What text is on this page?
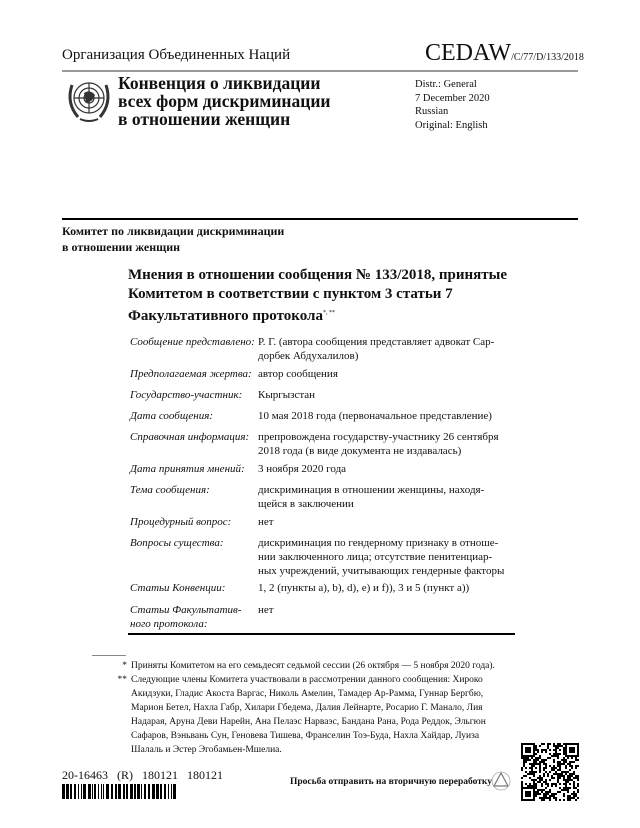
Организация Объединенных Наций	CEDAW/C/77/D/133/2018
Конвенция о ликвидации
всех форм дискриминации
в отношении женщин
Distr.: General
7 December 2020
Russian
Original: English
Комитет по ликвидации дискриминации
в отношении женщин
Мнения в отношении сообщения № 133/2018, принятые
Комитетом в соответствии с пунктом 3 статьи 7
Факультативного протокола*, **
Сообщение представлено: Р. Г. (автора сообщения представляет адвокат Сар-
дорбек Абдухалилов)
Предполагаемая жертва: автор сообщения
Государство-участник: Кыргызстан
Дата сообщения:	10 мая 2018 года (первоначальное представление)
Справочная информация: препровождена государству-участнику 26 сентября
2018 года (в виде документа не издавалась)
Дата принятия мнений: 3 ноября 2020 года
Тема сообщения:	дискриминация в отношении женщины, находя-
щейся в заключении
Процедурный вопрос: нет
Вопросы существа:	дискриминация по гендерному признаку в отноше-
нии заключенного лица; отсутствие пенитенциар-
ных учреждений, учитывающих гендерные факторы
Статьи Конвенции:	1, 2 (пункты a), b), d), e) и f)), 3 и 5 (пункт a))
Статьи Факультатив-
ного протокола:
нет
* Приняты Комитетом на его семьдесят седьмой сессии (26 октября — 5 ноября 2020 года).
** Следующие члены Комитета участвовали в рассмотрении данного сообщения: Хироко
Акидзуки, Гладис Акоста Варгас, Николь Амелин, Тамадер Ар-Рамма, Гуннар Бергбю,
Марион Бетел, Нахла Габр, Хилари Гбедема, Далия Лейнарте, Росарио Г. Манало, Лия
Надарая, Аруна Деви Нарейн, Ана Пелаэс Нарваэс, Бандана Рана, Рода Реддок, Эльгюн
Сафаров, Вэньвань Сун, Геновева Тишева, Франселин Тоэ-Буда, Нахла Хайдар, Луиза
Шалаль и Эстер Эгобамьен-Мшелиа.
20-16463 (R) 180121 180121	Просьба отправить на вторичную переработку
